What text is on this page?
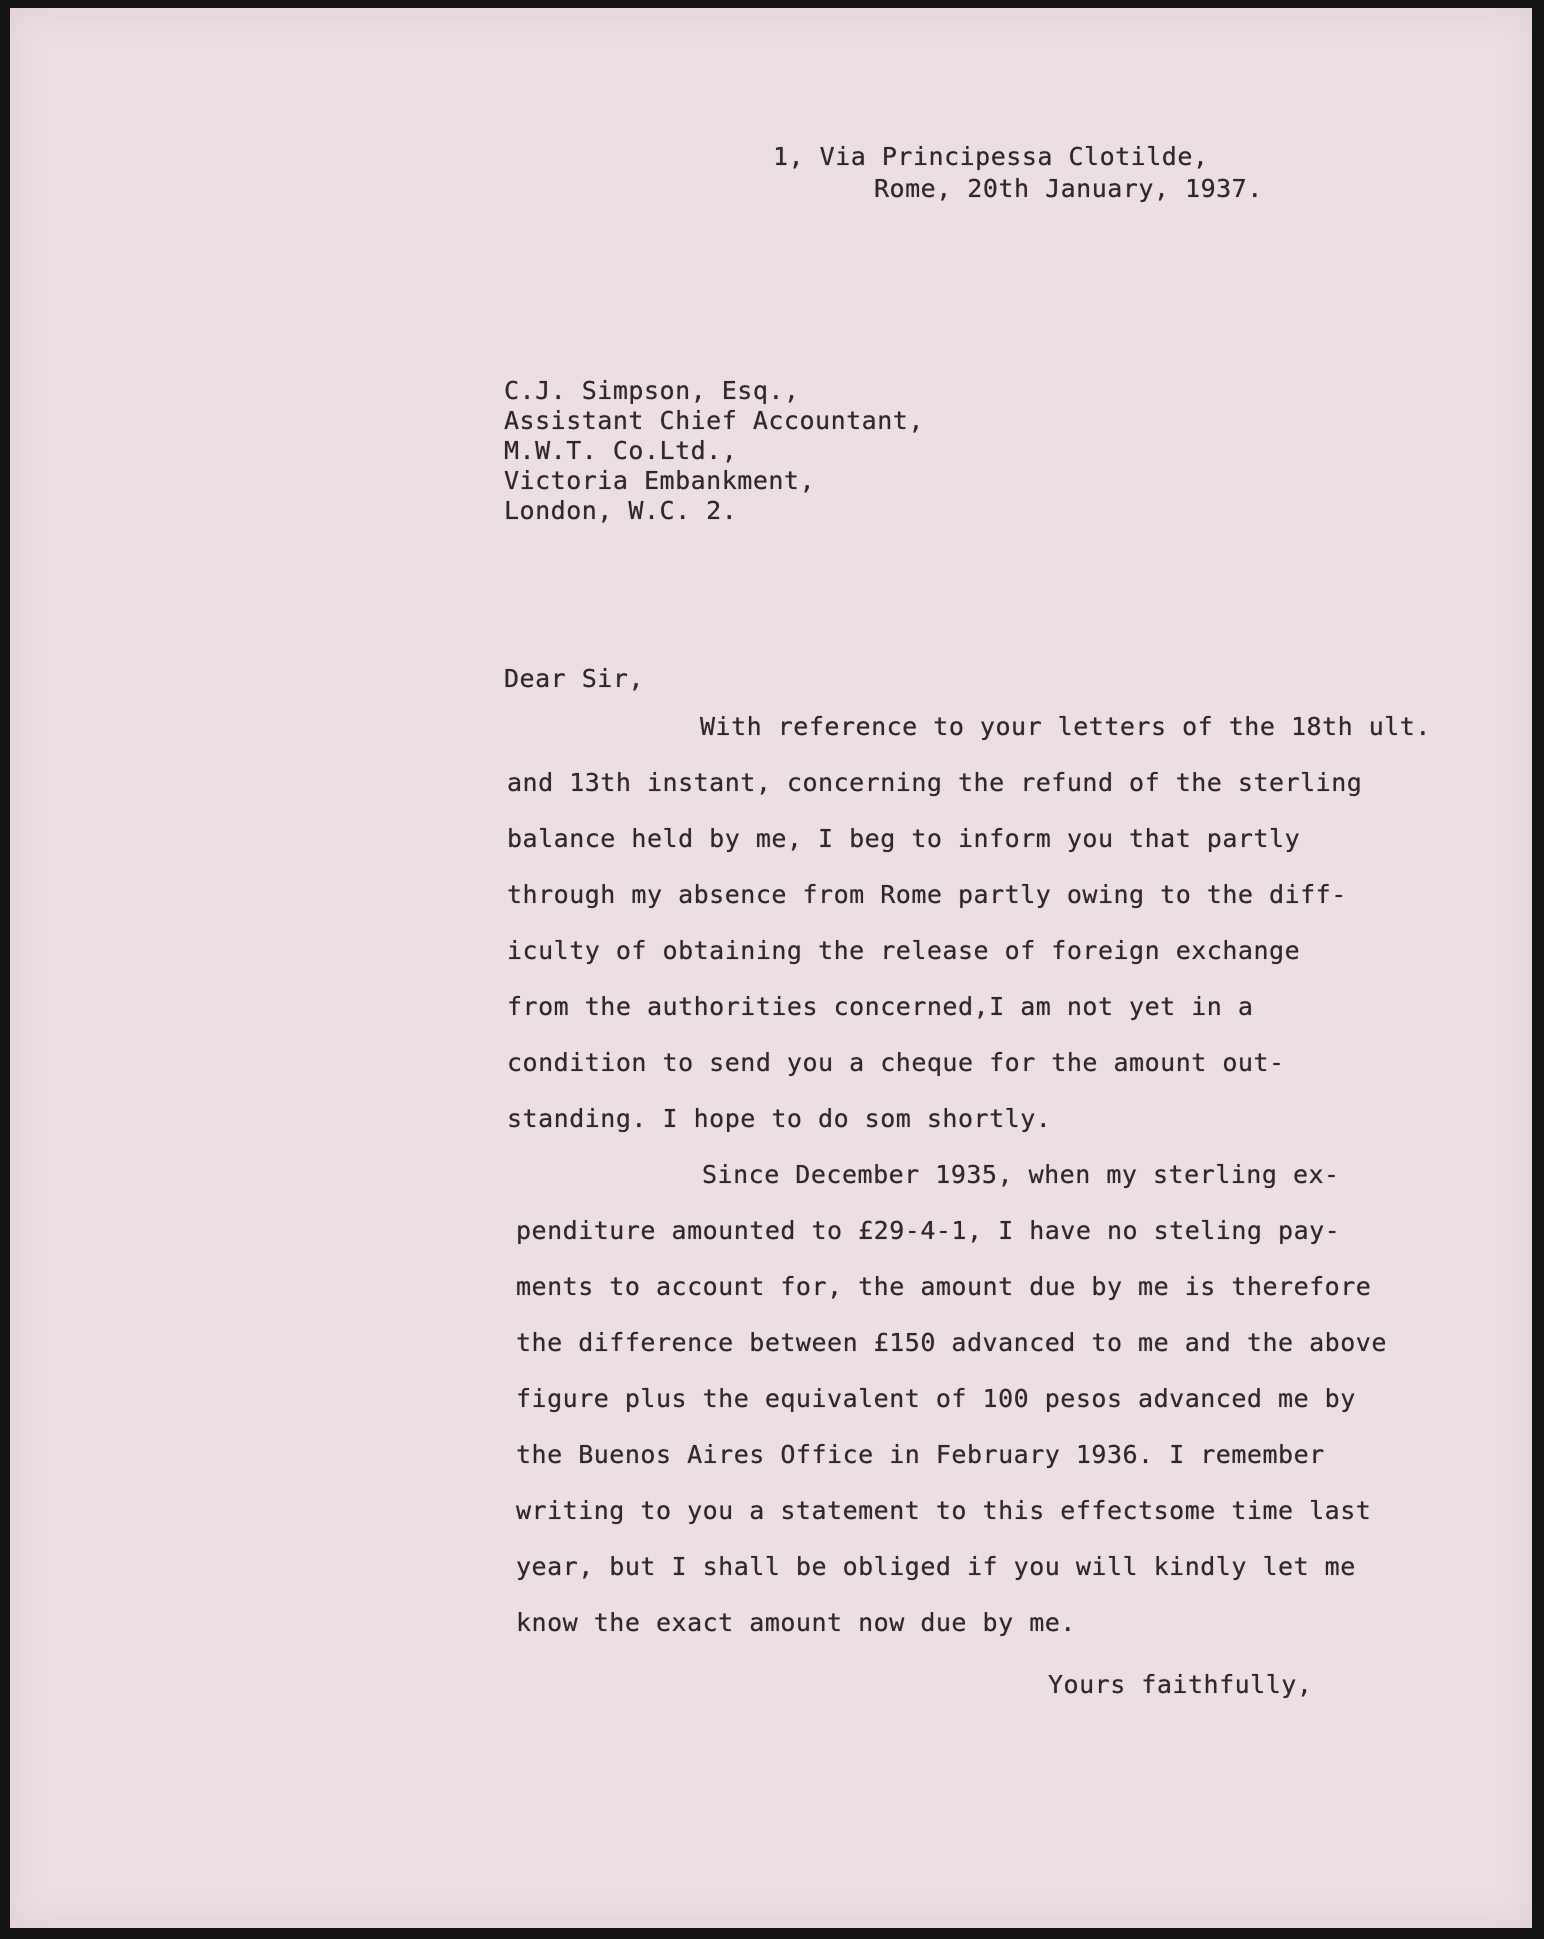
1, Via Principessa Clotilde,
Rome, 20th January, 1937.
C.J. Simpson, Esq.,
Assistant Chief Accountant,
M.W.T. Co.Ltd.,
Victoria Embankment,
London, W.C. 2.
Dear Sir,
With reference to your letters of the 18th ult.
and 13th instant, concerning the refund of the sterling
balance held by me, I beg to inform you that partly
through my absence from Rome partly owing to the diff-
iculty of obtaining the release of foreign exchange
from the authorities concerned,I am not yet in a
condition to send you a cheque for the amount out-
standing. I hope to do som shortly.
Since December 1935, when my sterling ex-
penditure amounted to £29-4-1, I have no steling pay-
ments to account for, the amount due by me is therefore
the difference between £150 advanced to me and the above
figure plus the equivalent of 100 pesos advanced me by
the Buenos Aires Office in February 1936. I remember
writing to you a statement to this effectsome time last
year, but I shall be obliged if you will kindly let me
know the exact amount now due by me.
Yours faithfully,
